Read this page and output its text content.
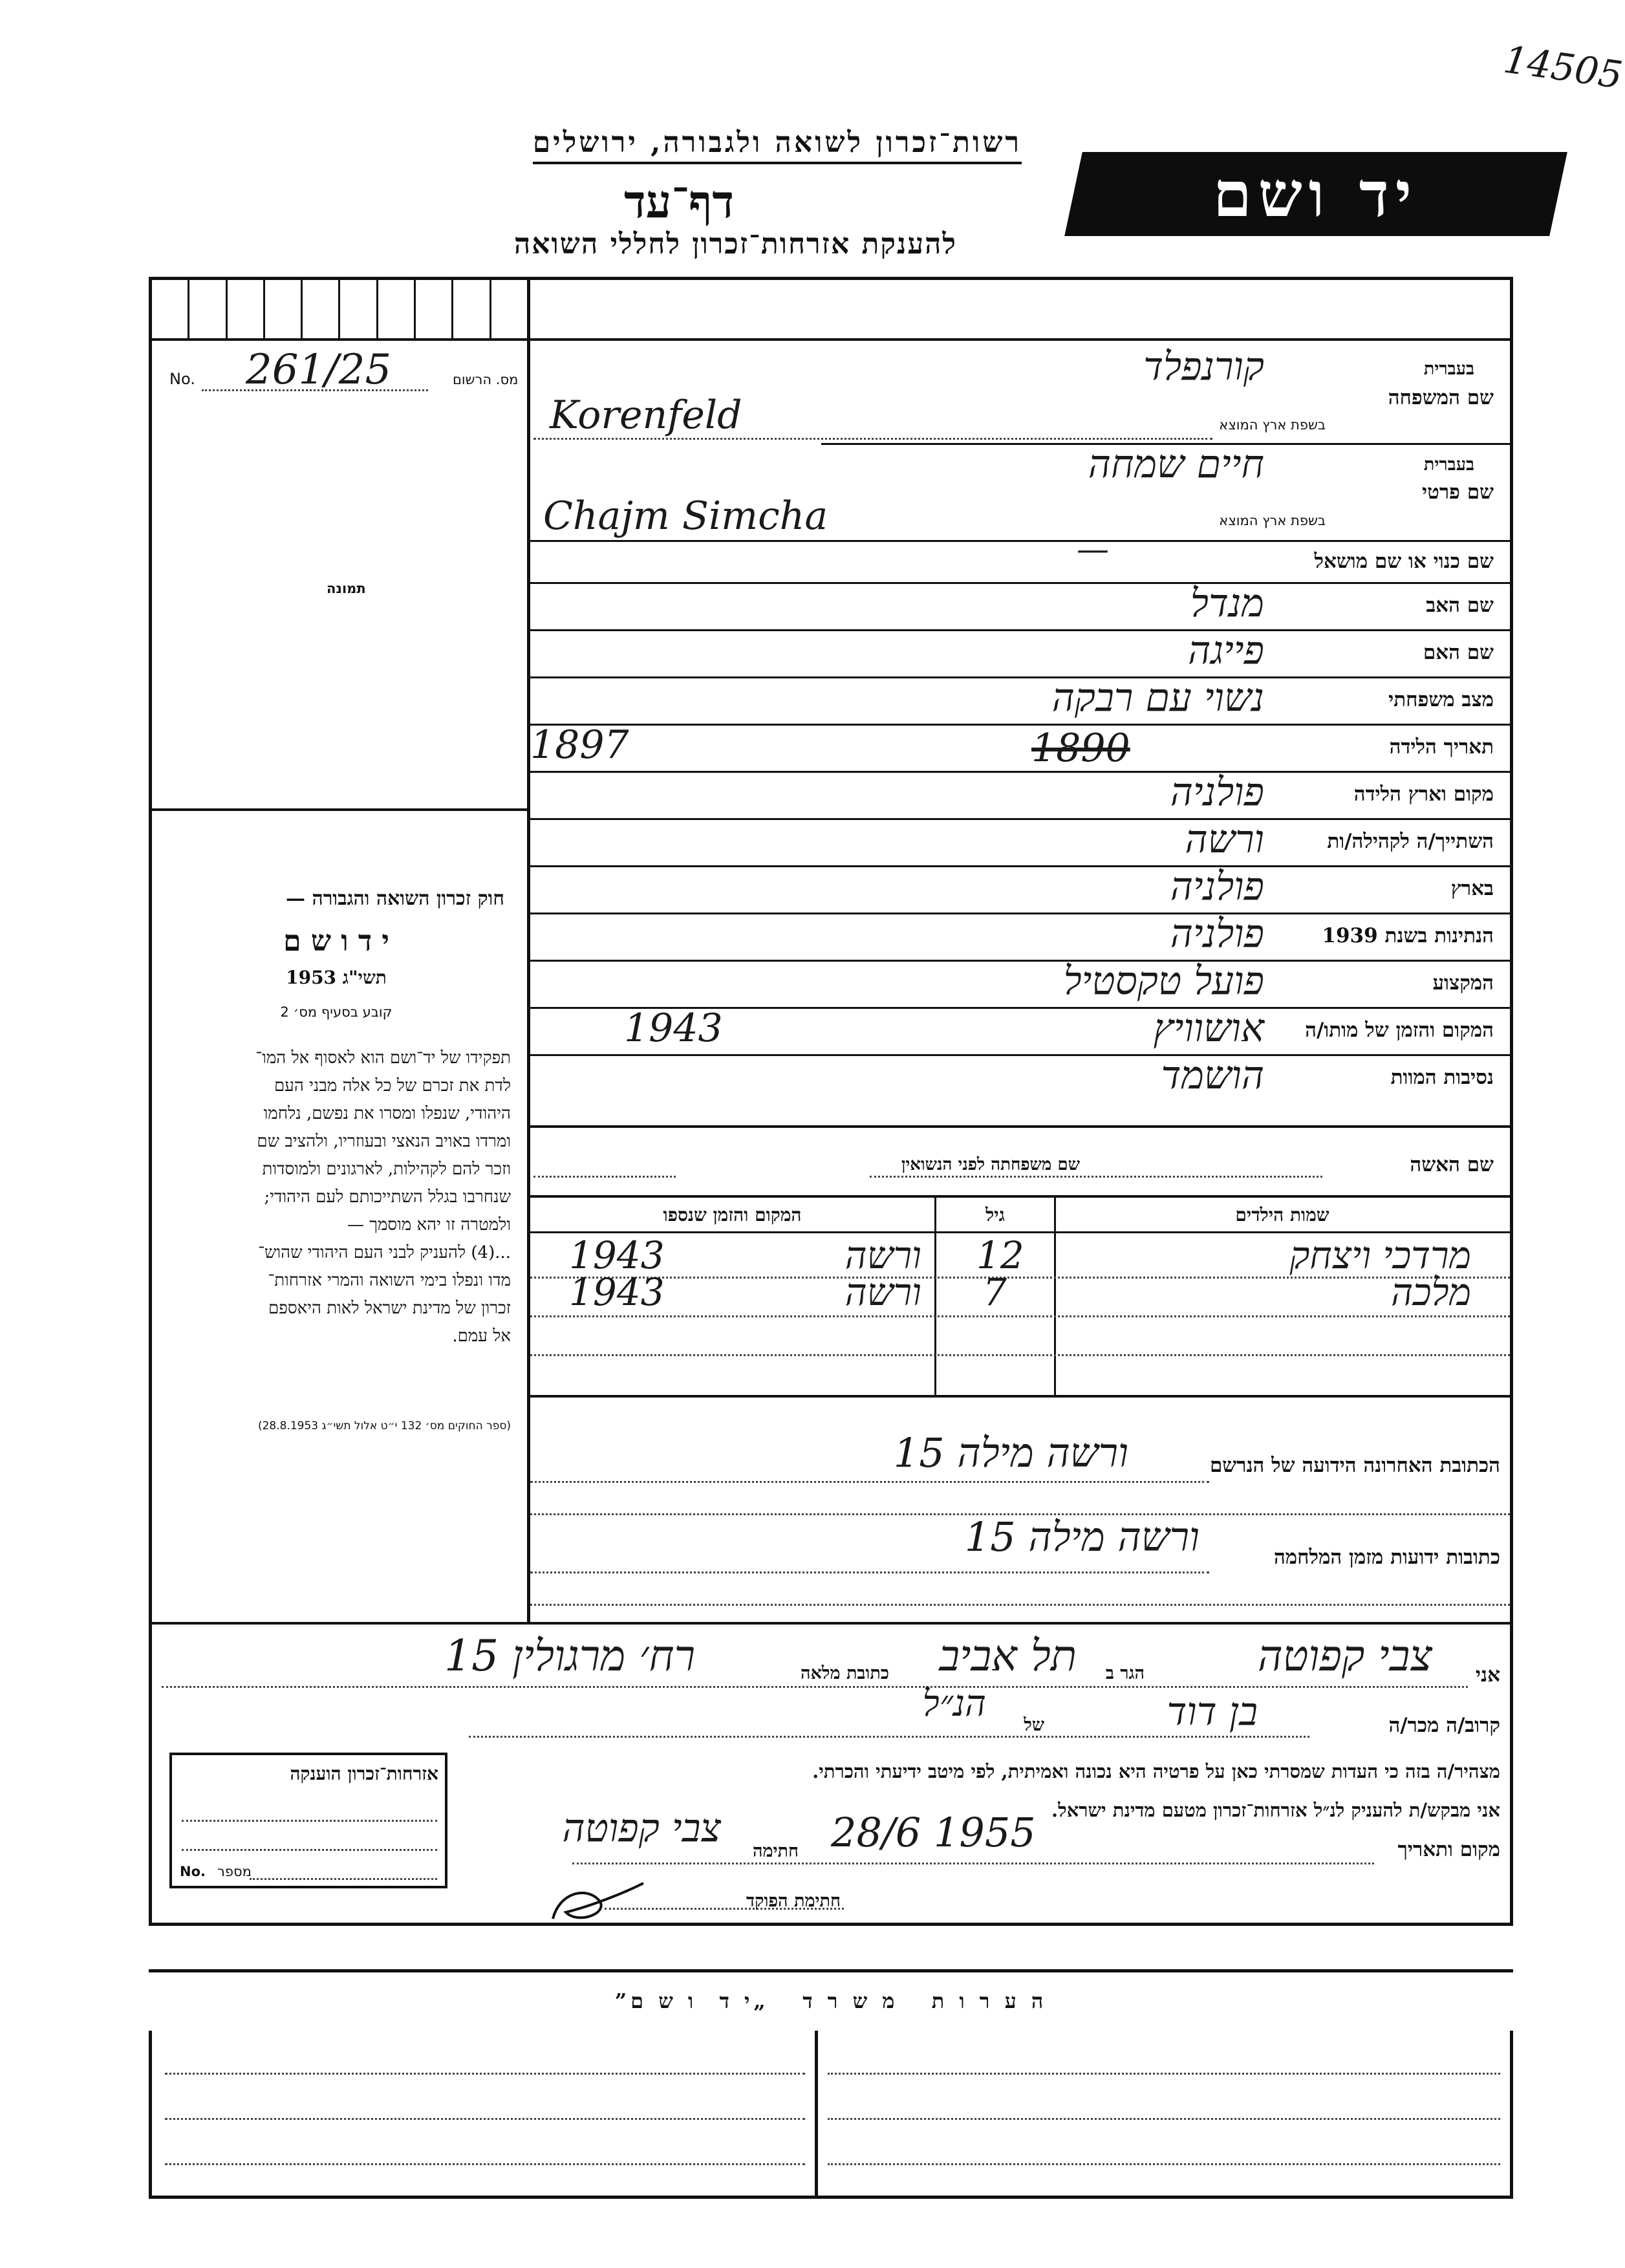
14505
רשות־זכרון לשואה ולגבורה, ירושלים
דף־עד
להענקת אזרחות־זכרון לחללי השואה
יד ושם
No. 261/25	מס. הרשום
תמונה
חוק זכרון השואה והגבורה —
י ד ו ש ם
תשי"ג 1953
קובע בסעיף מס׳ 2
תפקידו של יד־ושם הוא לאסוף אל המו־
לדת את זכרם של כל אלה מבני העם
היהודי, שנפלו ומסרו את נפשם, נלחמו
ומרדו באויב הנאצי ובעוזריו, ולהציב שם
וזכר להם לקהילות, לארגונים ולמוסדות
שנחרבו בגלל השתייכותם לעם היהודי;
ולמטרה זו יהא מוסמך —
...(4) להעניק לבני העם היהודי שהוש־
מדו ונפלו בימי השואה והמרי אזרחות־
זכרון של מדינת ישראל לאות היאספם
אל עמם.
(ספר החוקים מס׳ 132 י״ט אלול תשי״ג 28.8.1953)
בעברית
שם המשפחה
בשפת ארץ המוצא
קורנפלד
Korenfeld
בעברית
שם פרטי
בשפת ארץ המוצא
חיים שמחה
Chajm Simcha
שם כנוי או שם מושאל
—
שם האב
מנדל
שם האם
פייגה
מצב משפחתי
נשוי עם רבקה
תאריך הלידה
1897	1890
מקום וארץ הלידה
פולניה
השתייך/ה לקהילה/ות
ורשה
בארץ
פולניה
הנתינות בשנת 1939
פולניה
המקצוע
פועל טקסטיל
המקום והזמן של מותו/ה
אושוויץ
1943
נסיבות המוות
הושמד
שם האשה
שם משפחתה לפני הנשואין
שמות הילדים
גיל
המקום והזמן שנספו
מרדכי ויצחק
12
ורשה
1943
מלכה
7
ורשה
1943
הכתובת האחרונה הידועה של הנרשם
ורשה מילה 15
כתובות ידועות מזמן המלחמה
ורשה מילה 15
אני
צבי קפוטה
הגר ב
תל אביב
כתובת מלאה
רח׳ מרגולין 15
קרוב/ה מכר/ה
בן דוד
של
הנ״ל
מצהיר/ה בזה כי העדות שמסרתי כאן על פרטיה היא נכונה ואמיתית, לפי מיטב ידיעתי והכרתי.
אני מבקש/ת להעניק לנ״ל אזרחות־זכרון מטעם מדינת ישראל.
מקום ותאריך
28/6 1955
חתימה
צבי קפוטה
חתימת הפוקד
אזרחות־זכרון הוענקה
No. מספר
ה ע ר ו ת   מ ש ר ד   „י ד  ו ש ם”
